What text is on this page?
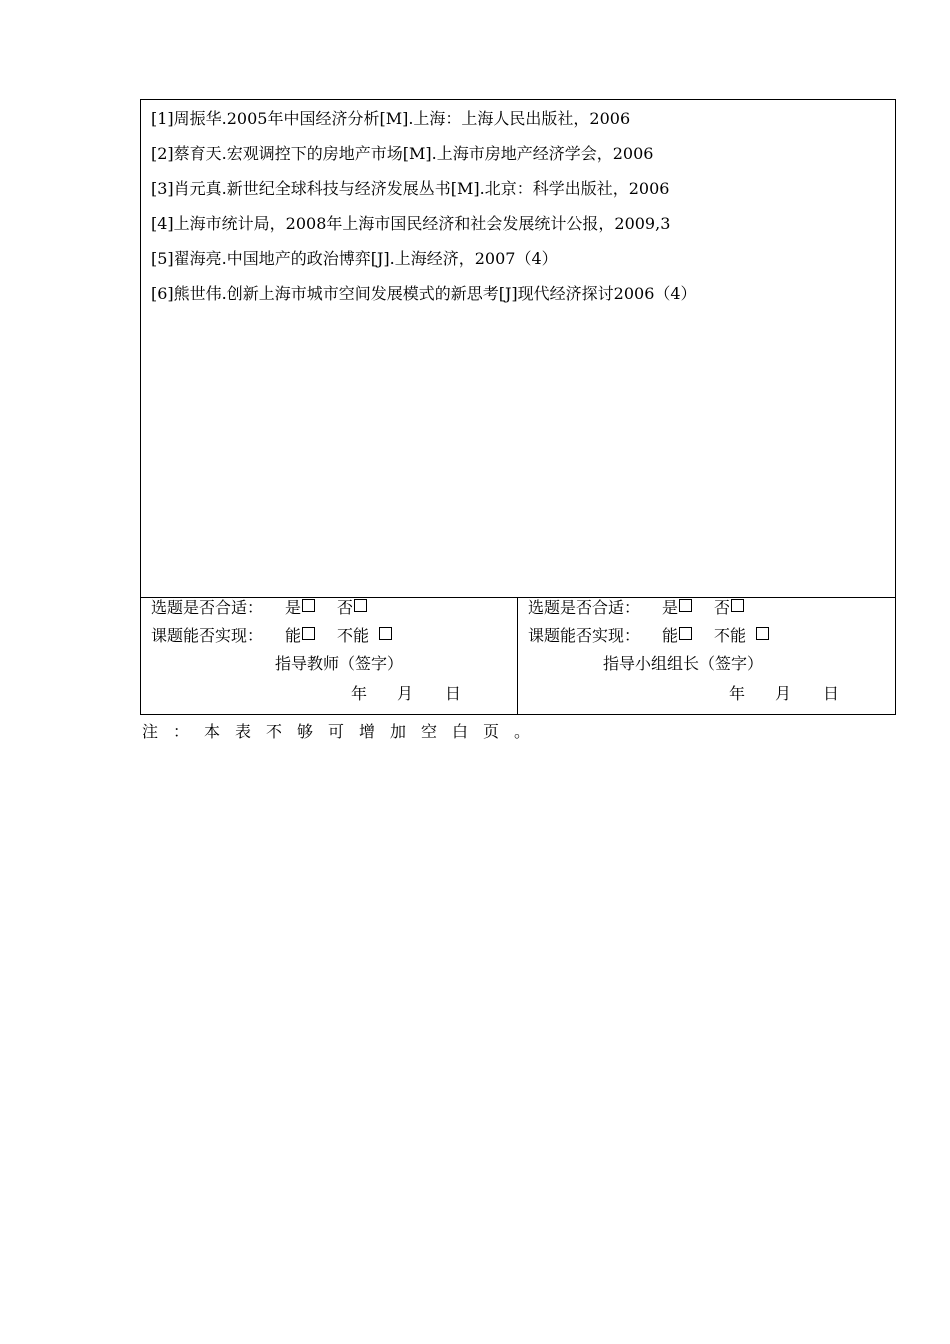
[1]周振华.2005年中国经济分析[M].上海：上海人民出版社，2006
[2]蔡育天.宏观调控下的房地产市场[M].上海市房地产经济学会，2006
[3]肖元真.新世纪全球科技与经济发展丛书[M].北京：科学出版社，2006
[4]上海市统计局，2008年上海市国民经济和社会发展统计公报，2009,3
[5]翟海亮.中国地产的政治博弈[J].上海经济，2007（4）
[6]熊世伟.创新上海市城市空间发展模式的新思考[J]现代经济探讨2006（4）
选题是否合适： 是 否
课题能否实现： 能 不能
指导教师（签字）
年 月 日
选题是否合适： 是 否
课题能否实现： 能 不能
指导小组组长（签字）
年 月 日
注：本表不够可增加空白页。
